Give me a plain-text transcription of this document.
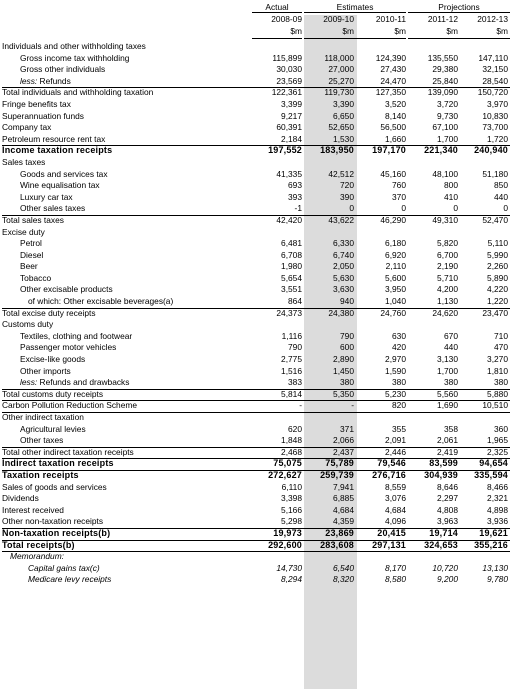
Actual	Estimates	Projections
2008-09	2009-10	2010-11	2011-12	2012-13
$m	$m	$m	$m	$m
Individuals and other withholding taxes
Gross income tax withholding	115,899	118,000	124,390	135,550	147,110
Gross other individuals	30,030	27,000	27,430	29,380	32,150
less: Refunds	23,569	25,270	24,470	25,840	28,540
Total individuals and withholding taxation	122,361	119,730	127,350	139,090	150,720
Fringe benefits tax	3,399	3,390	3,520	3,720	3,970
Superannuation funds	9,217	6,650	8,140	9,730	10,830
Company tax	60,391	52,650	56,500	67,100	73,700
Petroleum resource rent tax	2,184	1,530	1,660	1,700	1,720
Income taxation receipts	197,552	183,950	197,170	221,340	240,940
Sales taxes
Goods and services tax	41,335	42,512	45,160	48,100	51,180
Wine equalisation tax	693	720	760	800	850
Luxury car tax	393	390	370	410	440
Other sales taxes	-1	0	0	0	0
Total sales taxes	42,420	43,622	46,290	49,310	52,470
Excise duty
Petrol	6,481	6,330	6,180	5,820	5,110
Diesel	6,708	6,740	6,920	6,700	5,990
Beer	1,980	2,050	2,110	2,190	2,260
Tobacco	5,654	5,630	5,600	5,710	5,890
Other excisable products	3,551	3,630	3,950	4,200	4,220
of which: Other excisable beverages(a)	864	940	1,040	1,130	1,220
Total excise duty receipts	24,373	24,380	24,760	24,620	23,470
Customs duty
Textiles, clothing and footwear	1,116	790	630	670	710
Passenger motor vehicles	790	600	420	440	470
Excise-like goods	2,775	2,890	2,970	3,130	3,270
Other imports	1,516	1,450	1,590	1,700	1,810
less: Refunds and drawbacks	383	380	380	380	380
Total customs duty receipts	5,814	5,350	5,230	5,560	5,880
Carbon Pollution Reduction Scheme	-	-	820	1,690	10,510
Other indirect taxation
Agricultural levies	620	371	355	358	360
Other taxes	1,848	2,066	2,091	2,061	1,965
Total other indirect taxation receipts	2,468	2,437	2,446	2,419	2,325
Indirect taxation receipts	75,075	75,789	79,546	83,599	94,654
Taxation receipts	272,627	259,739	276,716	304,939	335,594
Sales of goods and services	6,110	7,941	8,559	8,646	8,466
Dividends	3,398	6,885	3,076	2,297	2,321
Interest received	5,166	4,684	4,684	4,808	4,898
Other non-taxation receipts	5,298	4,359	4,096	3,963	3,936
Non-taxation receipts(b)	19,973	23,869	20,415	19,714	19,621
Total receipts(b)	292,600	283,608	297,131	324,653	355,216
Memorandum:
Capital gains tax(c)	14,730	6,540	8,170	10,720	13,130
Medicare levy receipts	8,294	8,320	8,580	9,200	9,780
